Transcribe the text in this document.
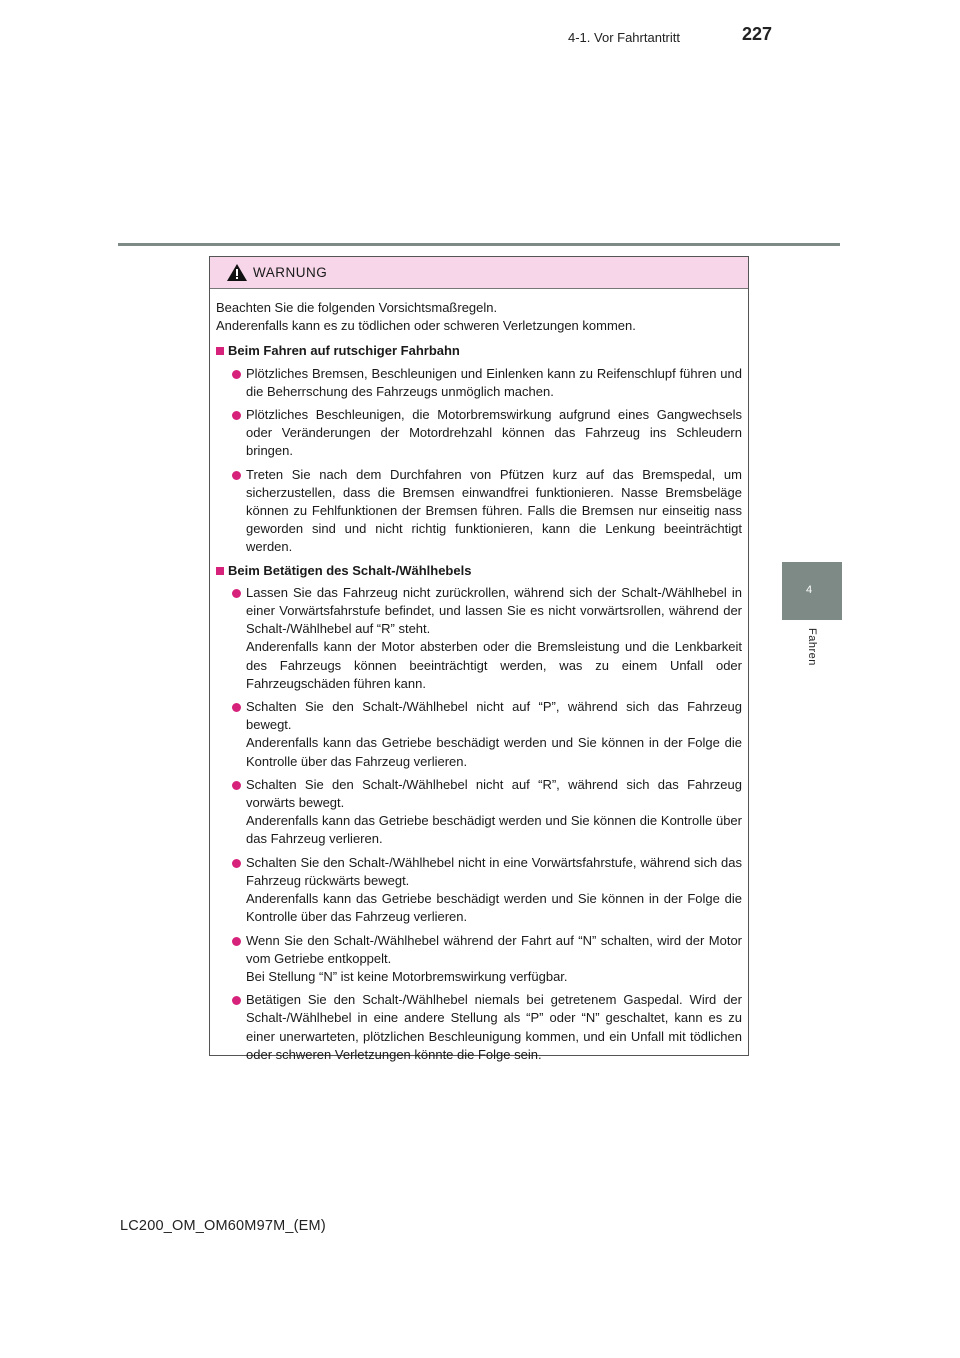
4-1. Vor Fahrtantritt	227
4
Fahren
WARNUNG

Beachten Sie die folgenden Vorsichtsmaßregeln.

Anderenfalls kann es zu tödlichen oder schweren Verletzungen kommen.

Beim Fahren auf rutschiger Fahrbahn

Plötzliches Bremsen, Beschleunigen und Einlenken kann zu Reifenschlupf führen und die Beherrschung des Fahrzeugs unmöglich machen.

Plötzliches Beschleunigen, die Motorbremswirkung aufgrund eines Gangwechsels oder Veränderungen der Motordrehzahl können das Fahrzeug ins Schleudern bringen.

Treten Sie nach dem Durchfahren von Pfützen kurz auf das Bremspedal, um sicherzustellen, dass die Bremsen einwandfrei funktionieren. Nasse Bremsbeläge können zu Fehlfunktionen der Bremsen führen. Falls die Bremsen nur einseitig nass geworden sind und nicht richtig funktionieren, kann die Lenkung beeinträchtigt werden.

Beim Betätigen des Schalt-/Wählhebels

Lassen Sie das Fahrzeug nicht zurückrollen, während sich der Schalt-/Wählhebel in einer Vorwärtsfahrstufe befindet, und lassen Sie es nicht vorwärtsrollen, während der Schalt-/Wählhebel auf “R” steht.

Anderenfalls kann der Motor absterben oder die Bremsleistung und die Lenkbarkeit des Fahrzeugs können beeinträchtigt werden, was zu einem Unfall oder Fahrzeugschäden führen kann.

Schalten Sie den Schalt-/Wählhebel nicht auf “P”, während sich das Fahrzeug bewegt.

Anderenfalls kann das Getriebe beschädigt werden und Sie können in der Folge die Kontrolle über das Fahrzeug verlieren.

Schalten Sie den Schalt-/Wählhebel nicht auf “R”, während sich das Fahrzeug vorwärts bewegt.

Anderenfalls kann das Getriebe beschädigt werden und Sie können die Kontrolle über das Fahrzeug verlieren.

Schalten Sie den Schalt-/Wählhebel nicht in eine Vorwärtsfahrstufe, während sich das Fahrzeug rückwärts bewegt.

Anderenfalls kann das Getriebe beschädigt werden und Sie können in der Folge die Kontrolle über das Fahrzeug verlieren.

Wenn Sie den Schalt-/Wählhebel während der Fahrt auf “N” schalten, wird der Motor vom Getriebe entkoppelt.

Bei Stellung “N” ist keine Motorbremswirkung verfügbar.

Betätigen Sie den Schalt-/Wählhebel niemals bei getretenem Gaspedal. Wird der Schalt-/Wählhebel in eine andere Stellung als “P” oder “N” geschaltet, kann es zu einer unerwarteten, plötzlichen Beschleunigung kommen, und ein Unfall mit tödlichen oder schweren Verletzungen könnte die Folge sein.

LC200_OM_OM60M97M_(EM)
